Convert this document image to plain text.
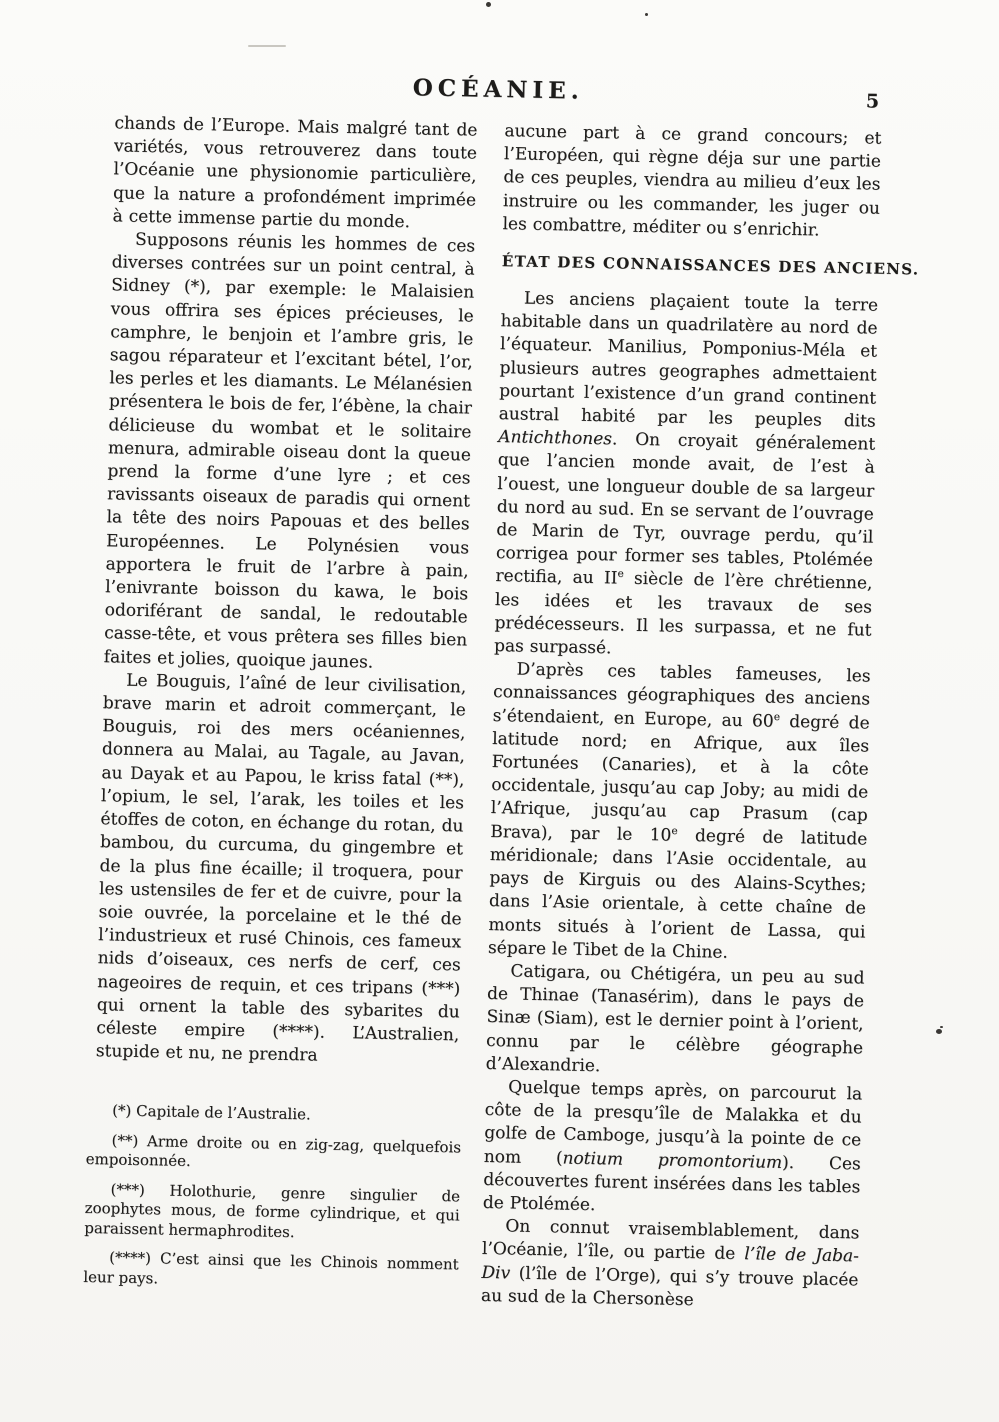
OCÉANIE.	5

chands de l’Europe. Mais malgré tant de variétés, vous retrouverez dans toute l’Océanie une physionomie particulière, que la nature a profondément imprimée à cette immense partie du monde.

Supposons réunis les hommes de ces diverses contrées sur un point central, à Sidney (*), par exemple: le Malaisien vous offrira ses épices précieuses, le camphre, le benjoin et l’ambre gris, le sagou réparateur et l’excitant bétel, l’or, les perles et les diamants. Le Mélanésien présentera le bois de fer, l’ébène, la chair délicieuse du wombat et le solitaire menura, admirable oiseau dont la queue prend la forme d’une lyre ; et ces ravissants oiseaux de paradis qui ornent la tête des noirs Papouas et des belles Européennes. Le Polynésien vous apportera le fruit de l’arbre à pain, l’enivrante boisson du kawa, le bois odoriférant de sandal, le redoutable casse-tête, et vous prêtera ses filles bien faites et jolies, quoique jaunes.

Le Bouguis, l’aîné de leur civilisation, brave marin et adroit commerçant, le Bouguis, roi des mers océaniennes, donnera au Malai, au Tagale, au Javan, au Dayak et au Papou, le kriss fatal (**), l’opium, le sel, l’arak, les toiles et les étoffes de coton, en échange du rotan, du bambou, du curcuma, du gingembre et de la plus fine écaille; il troquera, pour les ustensiles de fer et de cuivre, pour la soie ouvrée, la porcelaine et le thé de l’industrieux et rusé Chinois, ces fameux nids d’oiseaux, ces nerfs de cerf, ces nageoires de requin, et ces tripans (***) qui ornent la table des sybarites du céleste empire (****). L’Australien, stupide et nu, ne prendra

(*) Capitale de l’Australie.

(**) Arme droite ou en zig-zag, quelquefois empoisonnée.

(***) Holothurie, genre singulier de zoophytes mous, de forme cylindrique, et qui paraissent hermaphrodites.

(****) C’est ainsi que les Chinois nomment leur pays.

aucune part à ce grand concours; et l’Européen, qui règne déja sur une partie de ces peuples, viendra au milieu d’eux les instruire ou les commander, les juger ou les combattre, méditer ou s’enrichir.

ÉTAT DES CONNAISSANCES DES ANCIENS.

Les anciens plaçaient toute la terre habitable dans un quadrilatère au nord de l’équateur. Manilius, Pomponius-Méla et plusieurs autres geographes admettaient pourtant l’existence d’un grand continent austral habité par les peuples dits Antichthones. On croyait généralement que l’ancien monde avait, de l’est à l’ouest, une longueur double de sa largeur du nord au sud. En se servant de l’ouvrage de Marin de Tyr, ouvrage perdu, qu’il corrigea pour former ses tables, Ptolémée rectifia, au IIe siècle de l’ère chrétienne, les idées et les travaux de ses prédécesseurs. Il les surpassa, et ne fut pas surpassé.

D’après ces tables fameuses, les connaissances géographiques des anciens s’étendaient, en Europe, au 60e degré de latitude nord; en Afrique, aux îles Fortunées (Canaries), et à la côte occidentale, jusqu’au cap Joby; au midi de l’Afrique, jusqu’au cap Prasum (cap Brava), par le 10e degré de latitude méridionale; dans l’Asie occidentale, au pays de Kirguis ou des Alains-Scythes; dans l’Asie orientale, à cette chaîne de monts situés à l’orient de Lassa, qui sépare le Tibet de la Chine.

Catigara, ou Chétigéra, un peu au sud de Thinae (Tanasérim), dans le pays de Sinæ (Siam), est le dernier point à l’orient, connu par le célèbre géographe d’Alexandrie.

Quelque temps après, on parcourut la côte de la presqu’île de Malakka et du golfe de Camboge, jusqu’à la pointe de ce nom (notium promontorium). Ces découvertes furent insérées dans les tables de Ptolémée.

On connut vraisemblablement, dans l’Océanie, l’île, ou partie de l’île de Jaba-Div (l’île de l’Orge), qui s’y trouve placée au sud de la Chersonèse
